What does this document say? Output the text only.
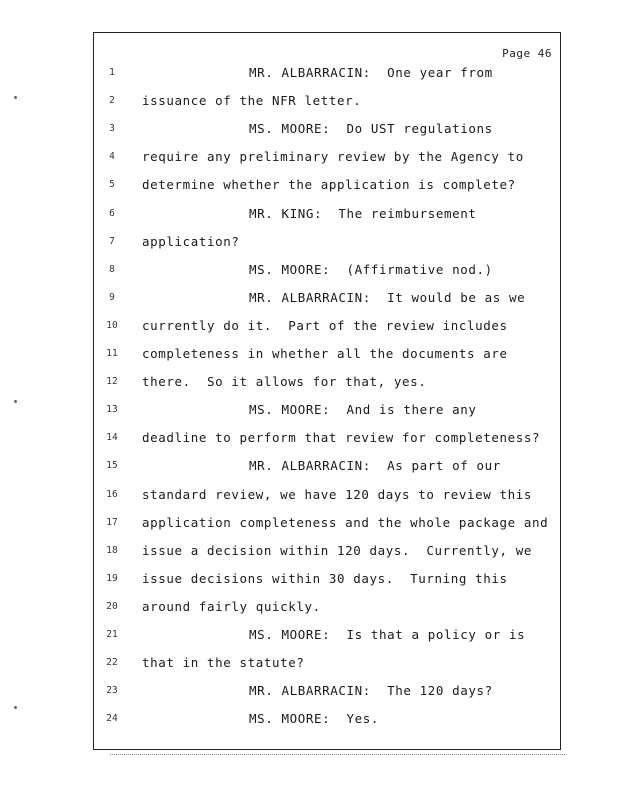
Page 46
1	MR. ALBARRACIN:  One year from
2	issuance of the NFR letter.
3	MS. MOORE:  Do UST regulations
4	require any preliminary review by the Agency to
5	determine whether the application is complete?
6	MR. KING:  The reimbursement
7	application?
8	MS. MOORE:  (Affirmative nod.)
9	MR. ALBARRACIN:  It would be as we
10 currently do it.  Part of the review includes
11 completeness in whether all the documents are
12 there.  So it allows for that, yes.
13	MS. MOORE:  And is there any
14 deadline to perform that review for completeness?
15	MR. ALBARRACIN:  As part of our
16 standard review, we have 120 days to review this
17 application completeness and the whole package and
18 issue a decision within 120 days.  Currently, we
19 issue decisions within 30 days.  Turning this
20 around fairly quickly.
21	MS. MOORE:  Is that a policy or is
22 that in the statute?
23	MR. ALBARRACIN:  The 120 days?
24	MS. MOORE:  Yes.
